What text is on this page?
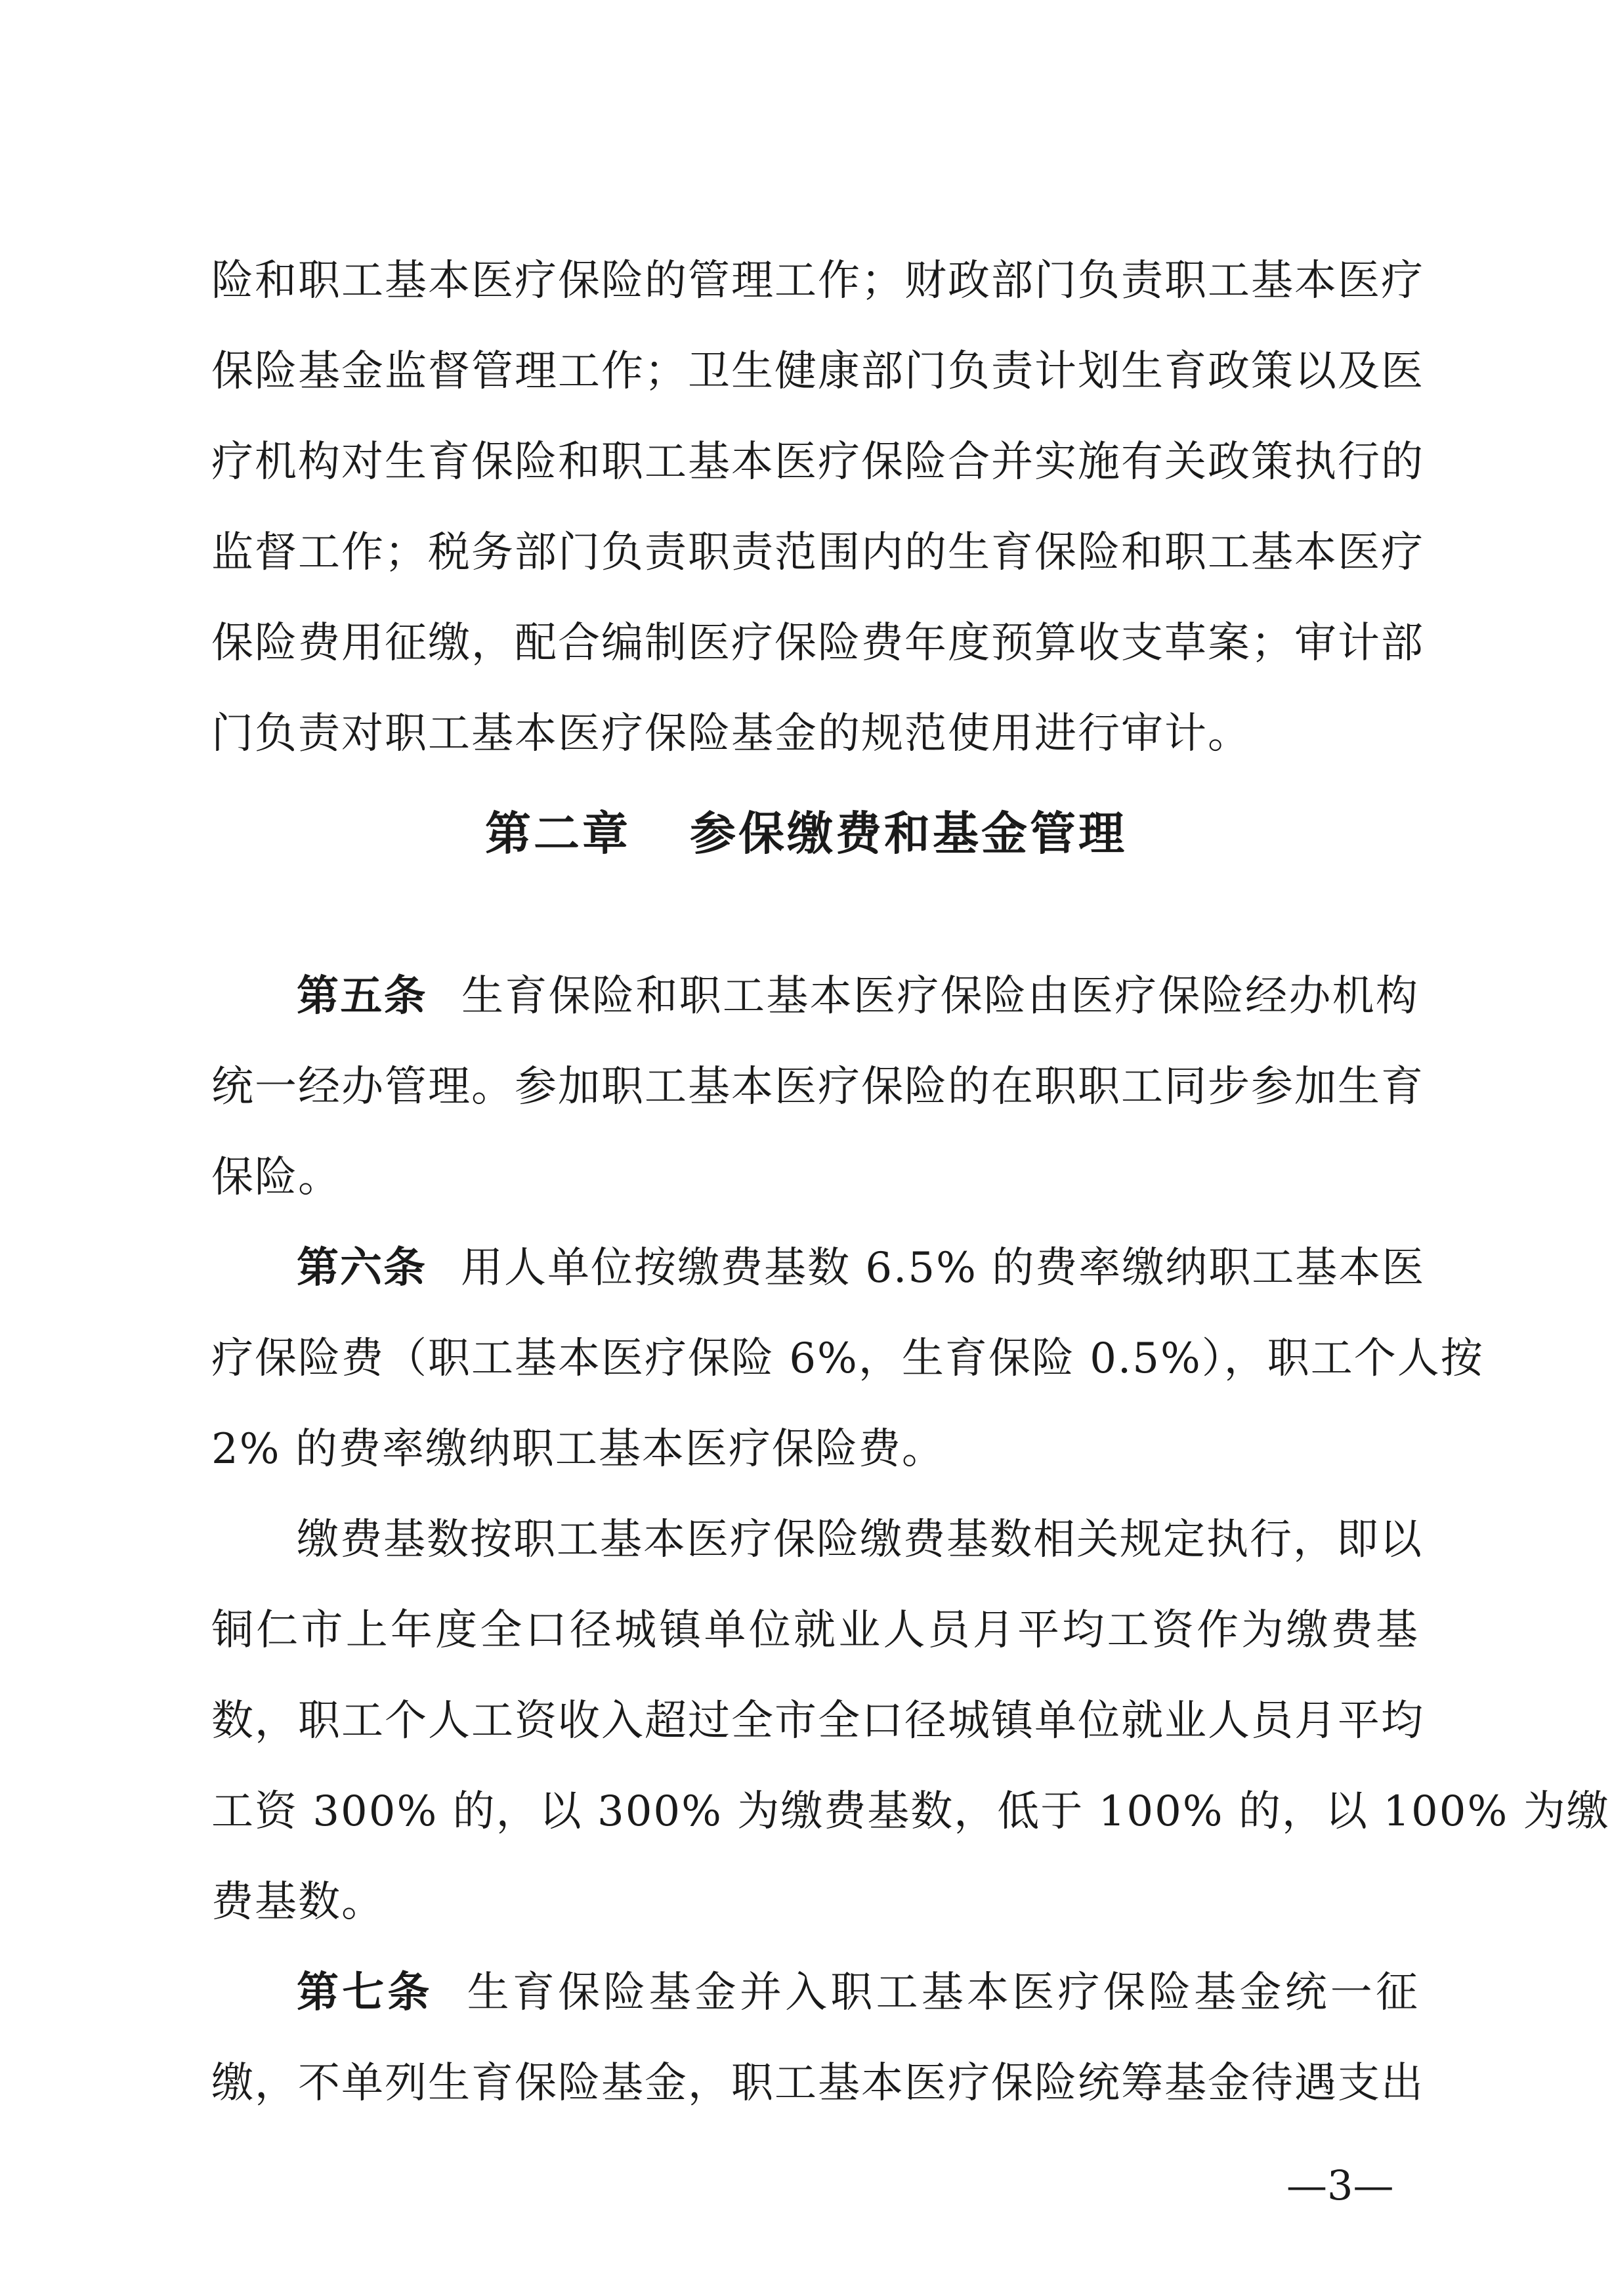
险和职工基本医疗保险的管理工作；财政部门负责职工基本医疗
保险基金监督管理工作；卫生健康部门负责计划生育政策以及医
疗机构对生育保险和职工基本医疗保险合并实施有关政策执行的
监督工作；税务部门负责职责范围内的生育保险和职工基本医疗
保险费用征缴，配合编制医疗保险费年度预算收支草案；审计部
门负责对职工基本医疗保险基金的规范使用进行审计。
第二章 参保缴费和基金管理
第五条 生育保险和职工基本医疗保险由医疗保险经办机构
统一经办管理。参加职工基本医疗保险的在职职工同步参加生育
保险。
第六条 用人单位按缴费基数 6.5% 的费率缴纳职工基本医
疗保险费（职工基本医疗保险 6%，生育保险 0.5%），职工个人按
2% 的费率缴纳职工基本医疗保险费。
缴费基数按职工基本医疗保险缴费基数相关规定执行，即以
铜仁市上年度全口径城镇单位就业人员月平均工资作为缴费基
数，职工个人工资收入超过全市全口径城镇单位就业人员月平均
工资 300% 的，以 300% 为缴费基数，低于 100% 的，以 100% 为缴
费基数。
第七条 生育保险基金并入职工基本医疗保险基金统一征
缴，不单列生育保险基金，职工基本医疗保险统筹基金待遇支出
—3—
